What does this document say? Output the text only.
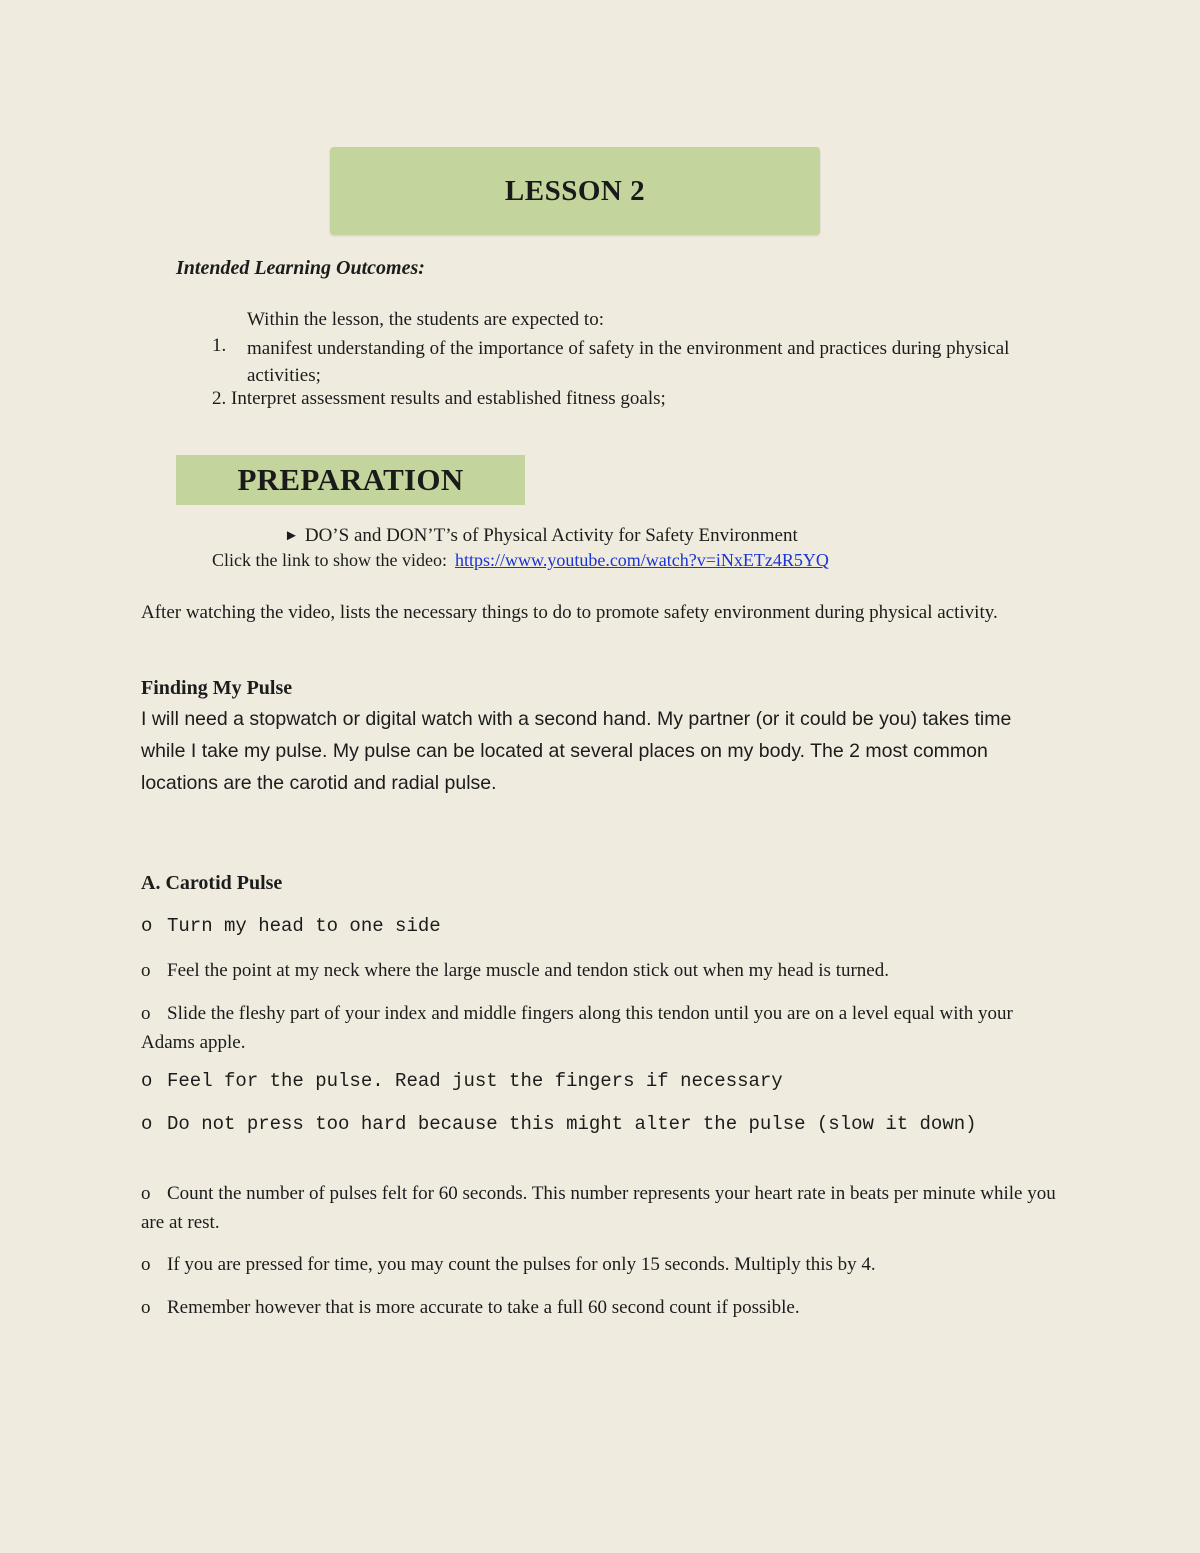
LESSON 2
Intended Learning Outcomes:
Within the lesson, the students are expected to:
1. manifest understanding of the importance of safety in the environment and practices during physical activities;
2. Interpret assessment results and established fitness goals;
PREPARATION
► DO’S and DON’T’s of Physical Activity for Safety Environment
Click the link to show the video: https://www.youtube.com/watch?v=iNxETz4R5YQ
After watching the video, lists the necessary things to do to promote safety environment during physical activity.
Finding My Pulse
I will need a stopwatch or digital watch with a second hand. My partner (or it could be you) takes time while I take my pulse. My pulse can be located at several places on my body. The 2 most common locations are the carotid and radial pulse.
A. Carotid Pulse
o Turn my head to one side
o Feel the point at my neck where the large muscle and tendon stick out when my head is turned.
o Slide the fleshy part of your index and middle fingers along this tendon until you are on a level equal with your Adams apple.
o Feel for the pulse. Read just the fingers if necessary
o Do not press too hard because this might alter the pulse (slow it down)
o Count the number of pulses felt for 60 seconds. This number represents your heart rate in beats per minute while you are at rest.
o If you are pressed for time, you may count the pulses for only 15 seconds. Multiply this by 4.
o Remember however that is more accurate to take a full 60 second count if possible.
